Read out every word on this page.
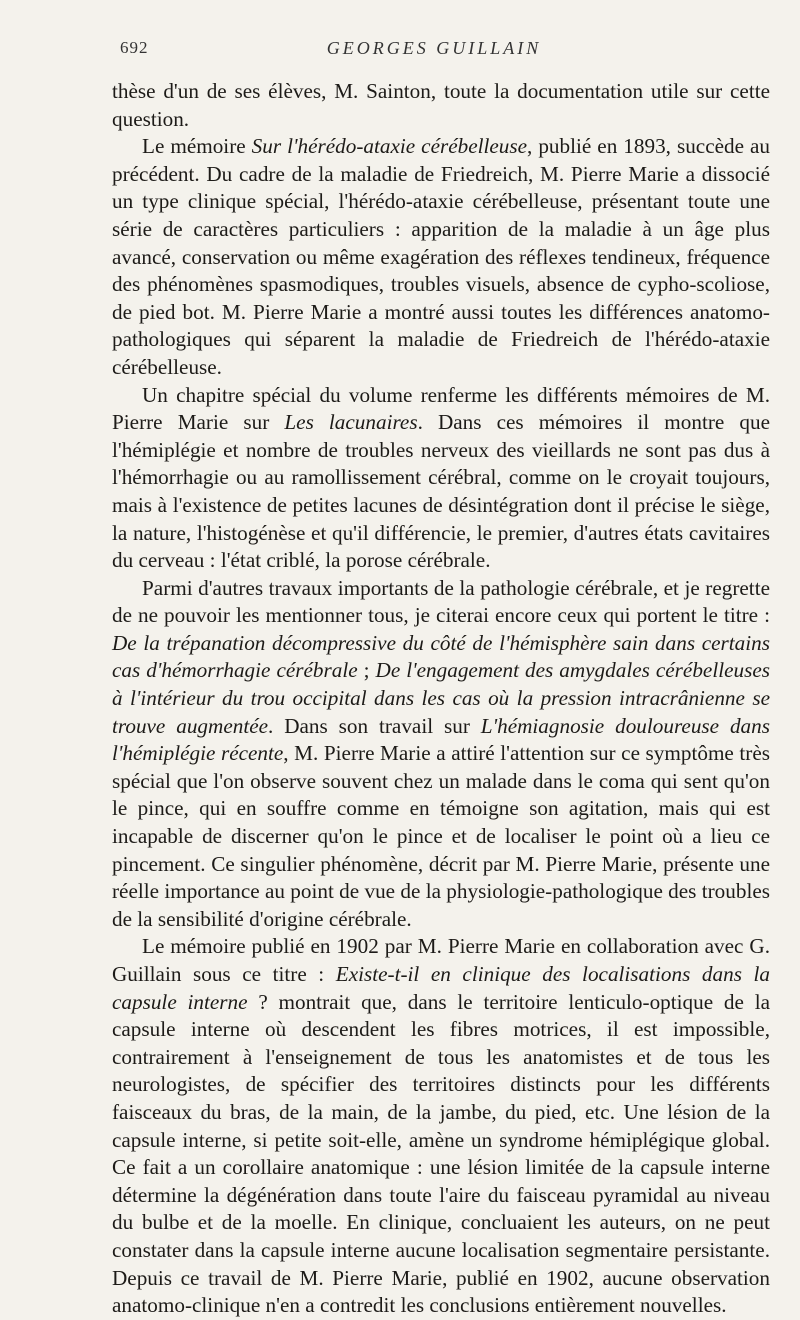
692	GEORGES GUILLAIN

thèse d'un de ses élèves, M. Sainton, toute la documentation utile sur cette question.

Le mémoire Sur l'hérédo-ataxie cérébelleuse, publié en 1893, succède au précédent. Du cadre de la maladie de Friedreich, M. Pierre Marie a dissocié un type clinique spécial, l'hérédo-ataxie cérébelleuse, présentant toute une série de caractères particuliers : apparition de la maladie à un âge plus avancé, conservation ou même exagération des réflexes tendineux, fréquence des phénomènes spasmodiques, troubles visuels, absence de cypho-scoliose, de pied bot. M. Pierre Marie a montré aussi toutes les différences anatomo-pathologiques qui séparent la maladie de Friedreich de l'hérédo-ataxie cérébelleuse.

Un chapitre spécial du volume renferme les différents mémoires de M. Pierre Marie sur Les lacunaires. Dans ces mémoires il montre que l'hémiplégie et nombre de troubles nerveux des vieillards ne sont pas dus à l'hémorrhagie ou au ramollissement cérébral, comme on le croyait toujours, mais à l'existence de petites lacunes de désintégration dont il précise le siège, la nature, l'histogénèse et qu'il différencie, le premier, d'autres états cavitaires du cerveau : l'état criblé, la porose cérébrale.

Parmi d'autres travaux importants de la pathologie cérébrale, et je regrette de ne pouvoir les mentionner tous, je citerai encore ceux qui portent le titre : De la trépanation décompressive du côté de l'hémisphère sain dans certains cas d'hémorrhagie cérébrale ; De l'engagement des amygdales cérébelleuses à l'intérieur du trou occipital dans les cas où la pression intracrânienne se trouve augmentée. Dans son travail sur L'hémiagnosie douloureuse dans l'hémiplégie récente, M. Pierre Marie a attiré l'attention sur ce symptôme très spécial que l'on observe souvent chez un malade dans le coma qui sent qu'on le pince, qui en souffre comme en témoigne son agitation, mais qui est incapable de discerner qu'on le pince et de localiser le point où a lieu ce pincement. Ce singulier phénomène, décrit par M. Pierre Marie, présente une réelle importance au point de vue de la physiologie-pathologique des troubles de la sensibilité d'origine cérébrale.

Le mémoire publié en 1902 par M. Pierre Marie en collaboration avec G. Guillain sous ce titre : Existe-t-il en clinique des localisations dans la capsule interne ? montrait que, dans le territoire lenticulo-optique de la capsule interne où descendent les fibres motrices, il est impossible, contrairement à l'enseignement de tous les anatomistes et de tous les neurologistes, de spécifier des territoires distincts pour les différents faisceaux du bras, de la main, de la jambe, du pied, etc. Une lésion de la capsule interne, si petite soit-elle, amène un syndrome hémiplégique global. Ce fait a un corollaire anatomique : une lésion limitée de la capsule interne détermine la dégénération dans toute l'aire du faisceau pyramidal au niveau du bulbe et de la moelle. En clinique, concluaient les auteurs, on ne peut constater dans la capsule interne aucune localisation segmentaire persistante. Depuis ce travail de M. Pierre Marie, publié en 1902, aucune observation anatomo-clinique n'en a contredit les conclusions entièrement nouvelles.
